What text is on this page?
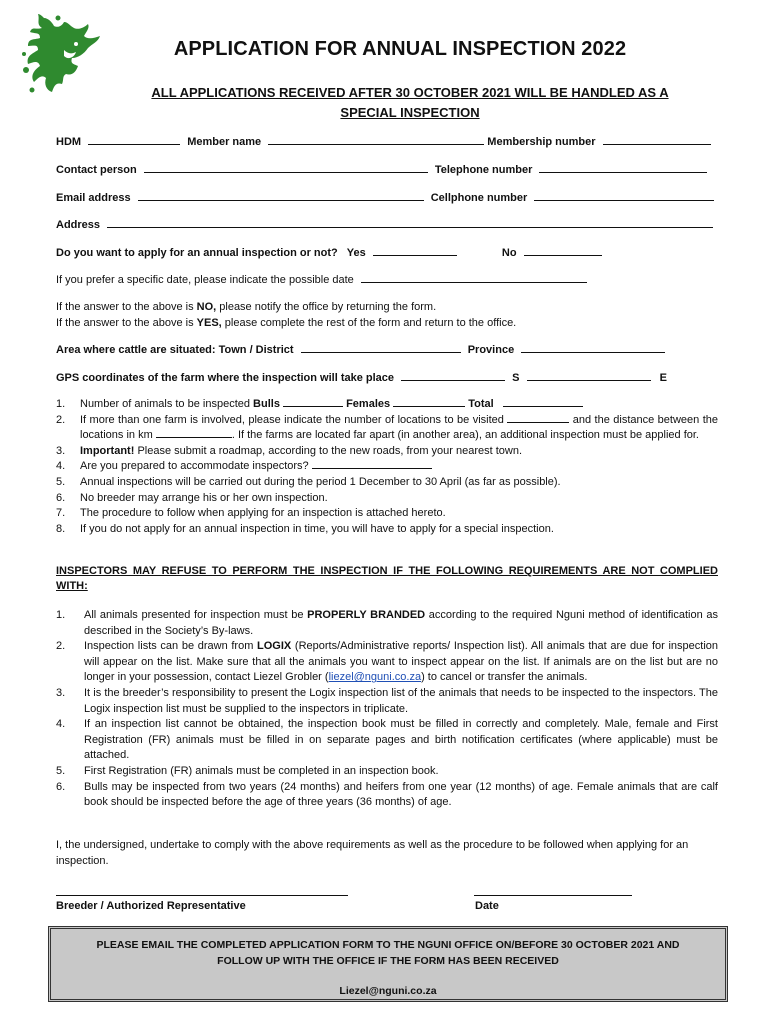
APPLICATION FOR ANNUAL INSPECTION 2022
ALL APPLICATIONS RECEIVED AFTER 30 OCTOBER 2021 WILL BE HANDLED AS A
SPECIAL INSPECTION
HDM	Member name	Membership number
Contact person	Telephone number
Email address	Cellphone number
Address
Do you want to apply for an annual inspection or not? Yes	No
If you prefer a specific date, please indicate the possible date
If the answer to the above is NO, please notify the office by returning the form.
If the answer to the above is YES, please complete the rest of the form and return to the office.
Area where cattle are situated: Town / District	Province
GPS coordinates of the farm where the inspection will take place	S	E
1. Number of animals to be inspected Bulls	Females	Total
2. If more than one farm is involved, please indicate the number of locations to be visited	and the distance between the locations in km	. If the farms are located far apart (in another area), an additional inspection must be applied for.
3. Important! Please submit a roadmap, according to the new roads, from your nearest town.
4. Are you prepared to accommodate inspectors?
5. Annual inspections will be carried out during the period 1 December to 30 April (as far as possible).
6. No breeder may arrange his or her own inspection.
7. The procedure to follow when applying for an inspection is attached hereto.
8. If you do not apply for an annual inspection in time, you will have to apply for a special inspection.
INSPECTORS MAY REFUSE TO PERFORM THE INSPECTION IF THE FOLLOWING REQUIREMENTS ARE NOT COMPLIED WITH:
1. All animals presented for inspection must be PROPERLY BRANDED according to the required Nguni method of identification as described in the Society’s By-laws.
2. Inspection lists can be drawn from LOGIX (Reports/Administrative reports/ Inspection list). All animals that are due for inspection will appear on the list. Make sure that all the animals you want to inspect appear on the list. If animals are on the list but are no longer in your possession, contact Liezel Grobler (liezel@nguni.co.za) to cancel or transfer the animals.
3. It is the breeder’s responsibility to present the Logix inspection list of the animals that needs to be inspected to the inspectors. The Logix inspection list must be supplied to the inspectors in triplicate.
4. If an inspection list cannot be obtained, the inspection book must be filled in correctly and completely. Male, female and First Registration (FR) animals must be filled in on separate pages and birth notification certificates (where applicable) must be attached.
5. First Registration (FR) animals must be completed in an inspection book.
6. Bulls may be inspected from two years (24 months) and heifers from one year (12 months) of age. Female animals that are calf book should be inspected before the age of three years (36 months) of age.
I, the undersigned, undertake to comply with the above requirements as well as the procedure to be followed when applying for an inspection.
Breeder / Authorized Representative	Date
PLEASE EMAIL THE COMPLETED APPLICATION FORM TO THE NGUNI OFFICE ON/BEFORE 30 OCTOBER 2021 AND
FOLLOW UP WITH THE OFFICE IF THE FORM HAS BEEN RECEIVED
Liezel@nguni.co.za
